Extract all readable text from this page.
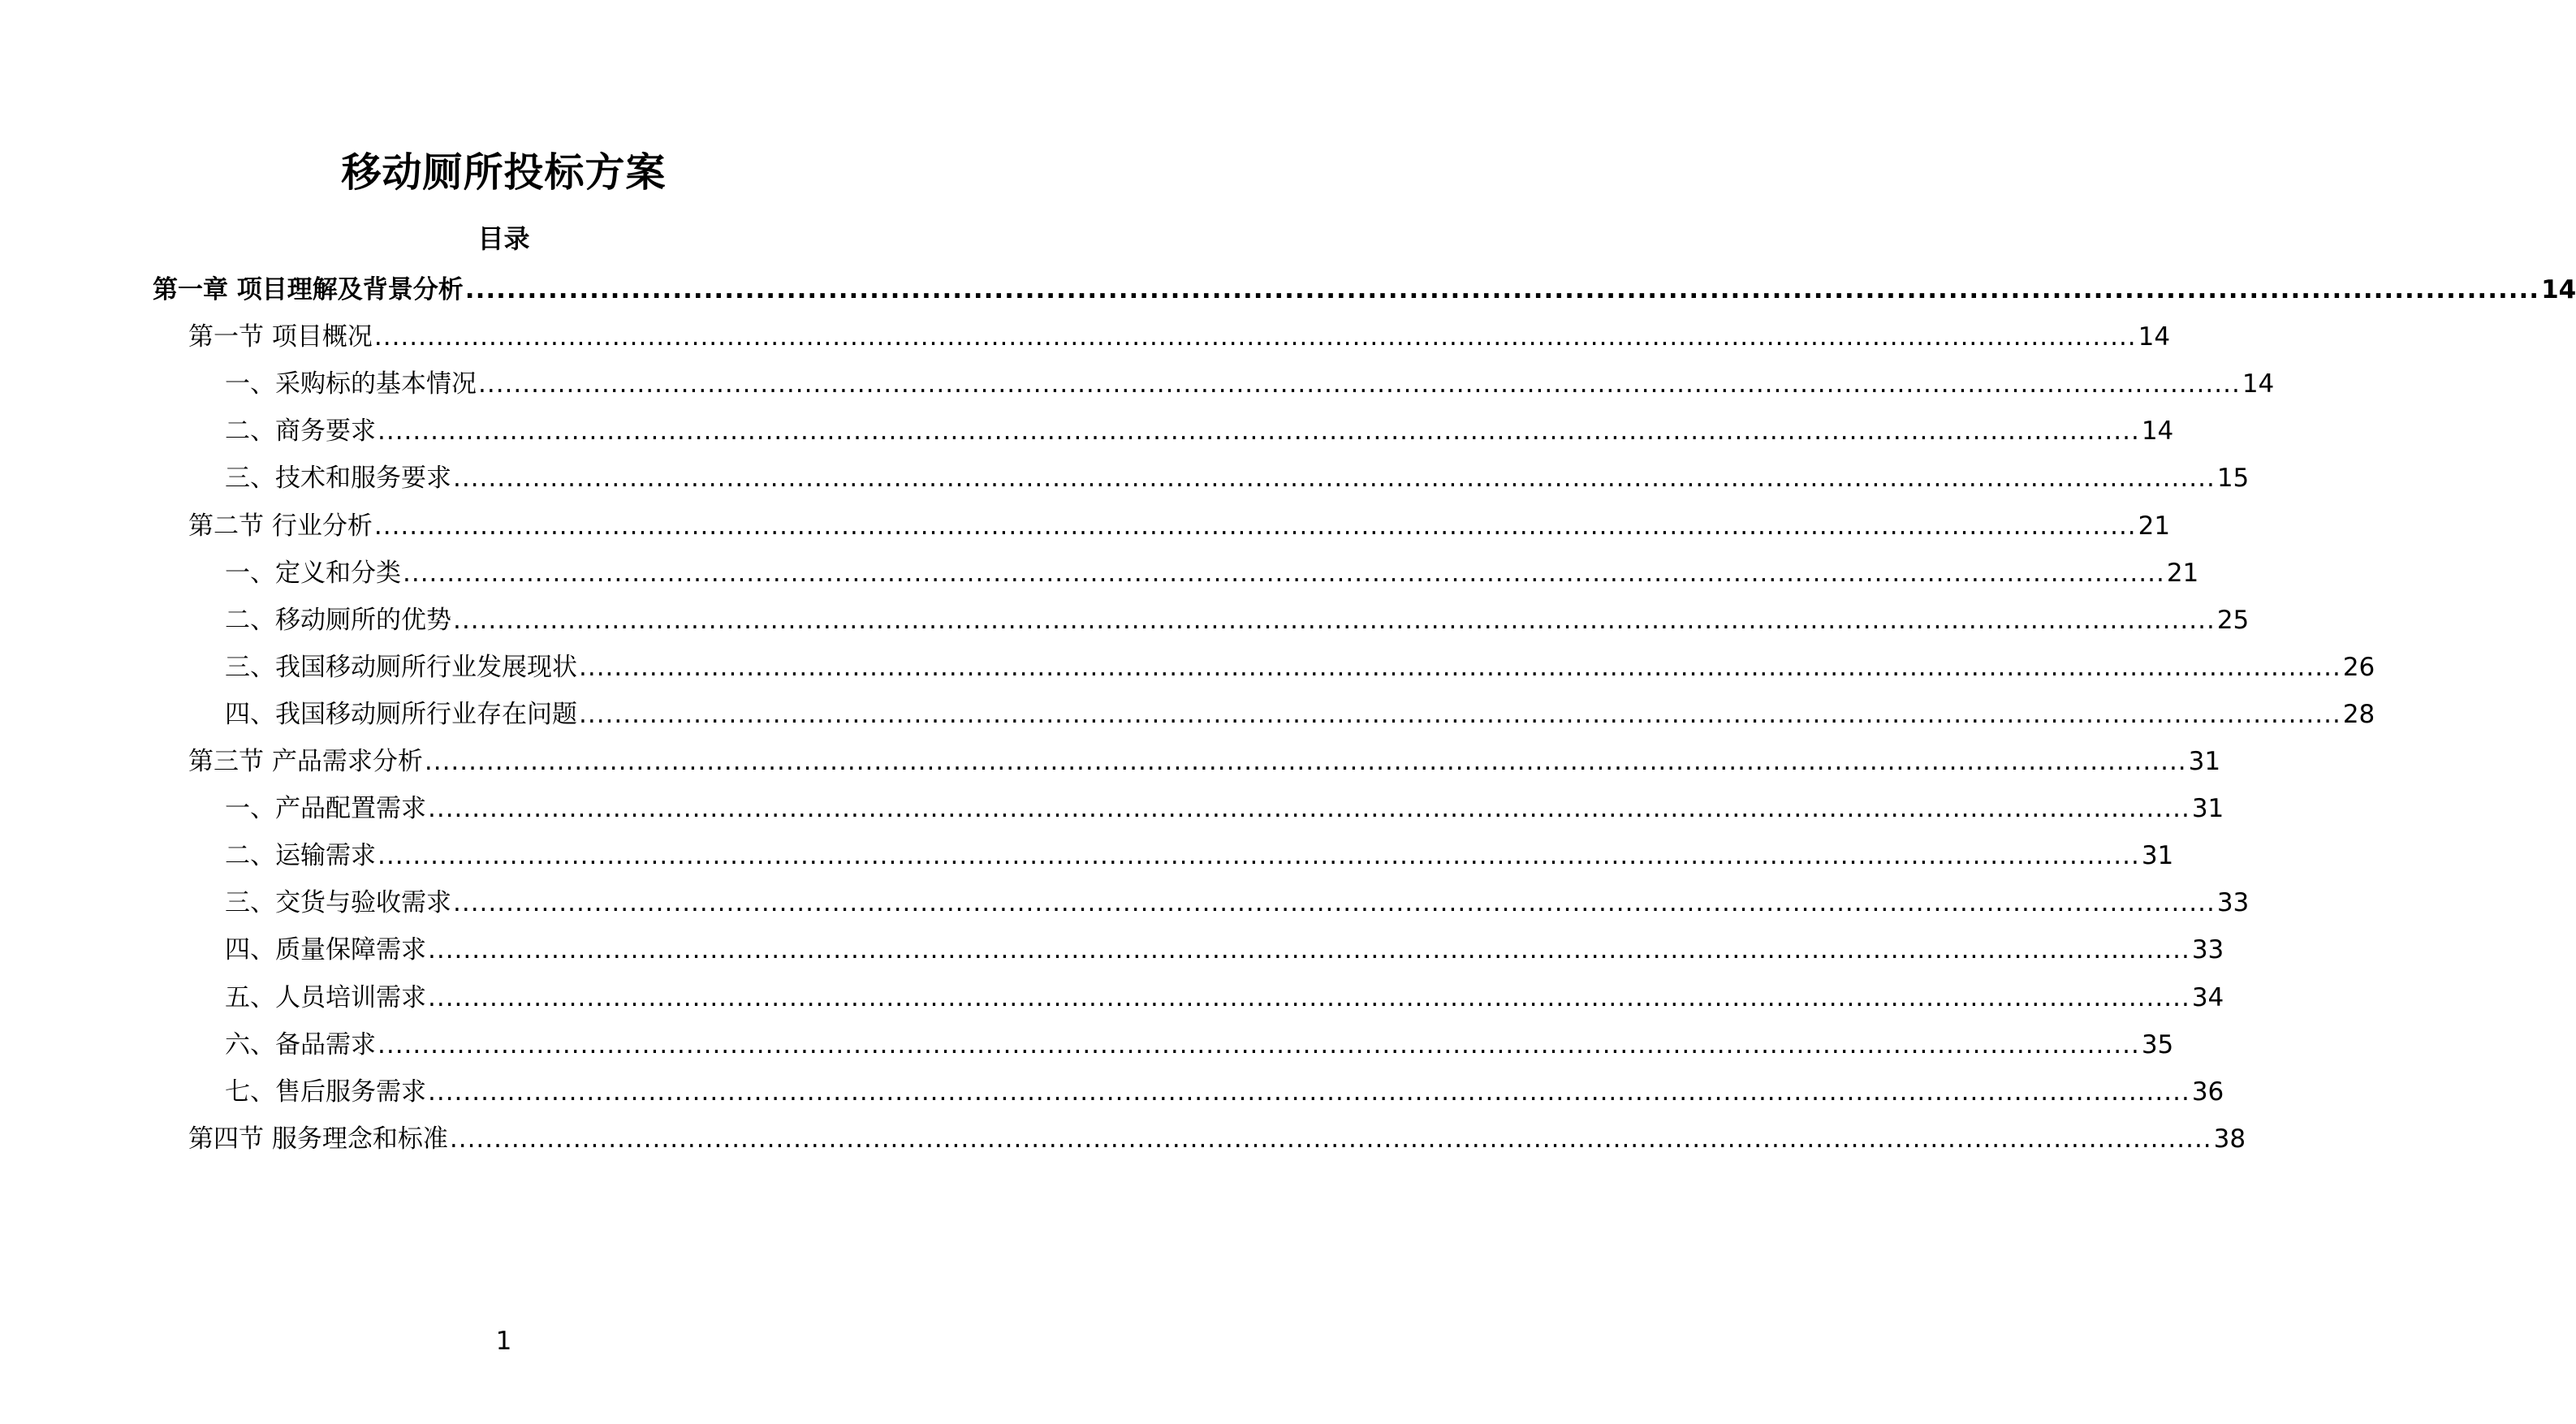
移动厕所投标方案
目录
第一章 项目理解及背景分析 ........................................................................................................................................................................................................ 14
第一节 项目概况 ........................................................................................................................................................................................................ 14
一、采购标的基本情况 ........................................................................................................................................................................................................ 14
二、商务要求 ........................................................................................................................................................................................................ 14
三、技术和服务要求 ........................................................................................................................................................................................................ 15
第二节 行业分析 ........................................................................................................................................................................................................ 21
一、定义和分类 ........................................................................................................................................................................................................ 21
二、移动厕所的优势 ........................................................................................................................................................................................................ 25
三、我国移动厕所行业发展现状 ........................................................................................................................................................................................................ 26
四、我国移动厕所行业存在问题 ........................................................................................................................................................................................................ 28
第三节 产品需求分析 ........................................................................................................................................................................................................ 31
一、产品配置需求 ........................................................................................................................................................................................................ 31
二、运输需求 ........................................................................................................................................................................................................ 31
三、交货与验收需求 ........................................................................................................................................................................................................ 33
四、质量保障需求 ........................................................................................................................................................................................................ 33
五、人员培训需求 ........................................................................................................................................................................................................ 34
六、备品需求 ........................................................................................................................................................................................................ 35
七、售后服务需求 ........................................................................................................................................................................................................ 36
第四节 服务理念和标准 ........................................................................................................................................................................................................ 38
1
